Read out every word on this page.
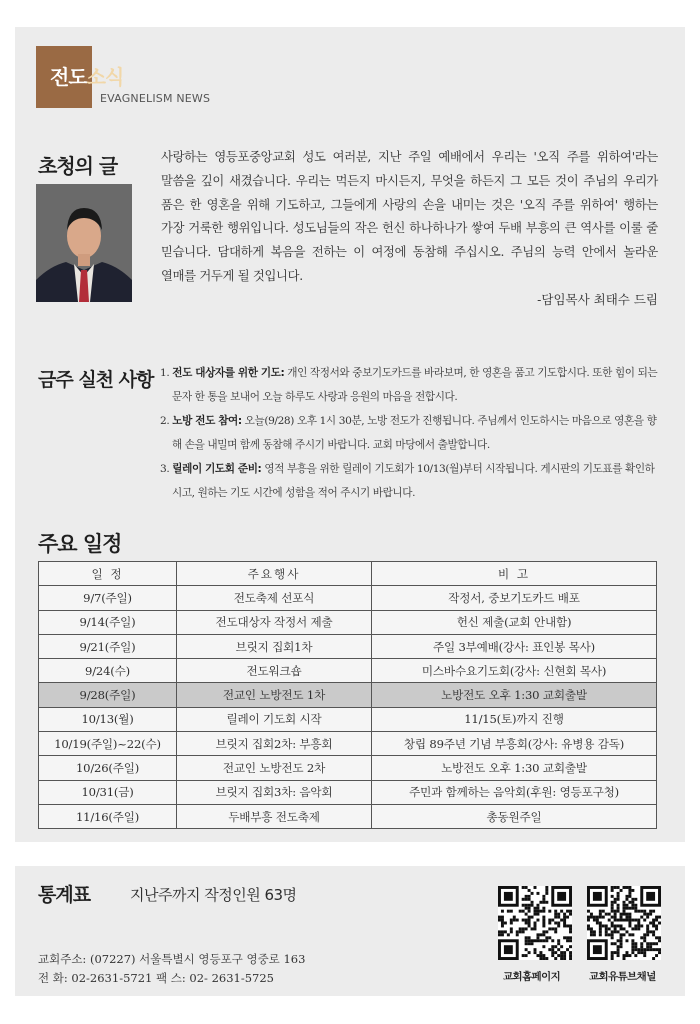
전도소식
EVAGNELISM NEWS
초청의 글	사랑하는 영등포중앙교회 성도 여러분, 지난 주일 예배에서 우리는 '오직 주를 위하여'라는 말씀을 깊이 새겼습니다. 우리는 먹든지 마시든지, 무엇을 하든지 그 모든 것이 주님의 우리가 품은 한 영혼을 위해 기도하고, 그들에게 사랑의 손을 내미는 것은 '오직 주를 위하여' 행하는 가장 거룩한 행위입니다. 성도님들의 작은 헌신 하나하나가 쌓여 두배 부흥의 큰 역사를 이룰 줄 믿습니다. 담대하게 복음을 전하는 이 여정에 동참해 주십시오. 주님의 능력 안에서 놀라운 열매를 거두게 될 것입니다.
-담임목사 최태수 드림
금주 실천 사항 1. 전도 대상자를 위한 기도: 개인 작정서와 중보기도카드를 바라보며, 한 영혼을 품고 기도합시다. 또한 힘이 되는 문자 한 통을 보내어 오늘 하루도 사랑과 응원의 마음을 전합시다.
2. 노방 전도 참여: 오늘(9/28) 오후 1시 30분, 노방 전도가 진행됩니다. 주님께서 인도하시는 마음으로 영혼을 향해 손을 내밀며 함께 동참해 주시기 바랍니다. 교회 마당에서 출발합니다.
3. 릴레이 기도회 준비: 영적 부흥을 위한 릴레이 기도회가 10/13(월)부터 시작됩니다. 게시판의 기도표를 확인하시고, 원하는 기도 시간에 성함을 적어 주시기 바랍니다.
주요 일정
일 정	주요행사	비 고
9/7(주일)	전도축제 선포식	작정서, 중보기도카드 배포
9/14(주일)	전도대상자 작정서 제출	헌신 제출(교회 안내함)
9/21(주일)	브릿지 집회1차	주일 3부예배(강사: 표인봉 목사)
9/24(수)	전도워크숍	미스바수요기도회(강사: 신현회 목사)
9/28(주일)	전교인 노방전도 1차	노방전도 오후 1:30 교회출발
10/13(월)	릴레이 기도회 시작	11/15(토)까지 진행
10/19(주일)~22(수)	브릿지 집회2차: 부흥회	창립 89주년 기념 부흥회(강사: 유병용 감독)
10/26(주일)	전교인 노방전도 2차	노방전도 오후 1:30 교회출발
10/31(금)	브릿지 집회3차: 음악회	주민과 함께하는 음악회(후원: 영등포구청)
11/16(주일)	두배부흥 전도축제	총동원주일
통계표	지난주까지 작정인원 63명
교회주소: (07227) 서울특별시 영등포구 영중로 163
전 화: 02-2631-5721 팩 스: 02- 2631-5725	교회홈페이지	교회유튜브채널
